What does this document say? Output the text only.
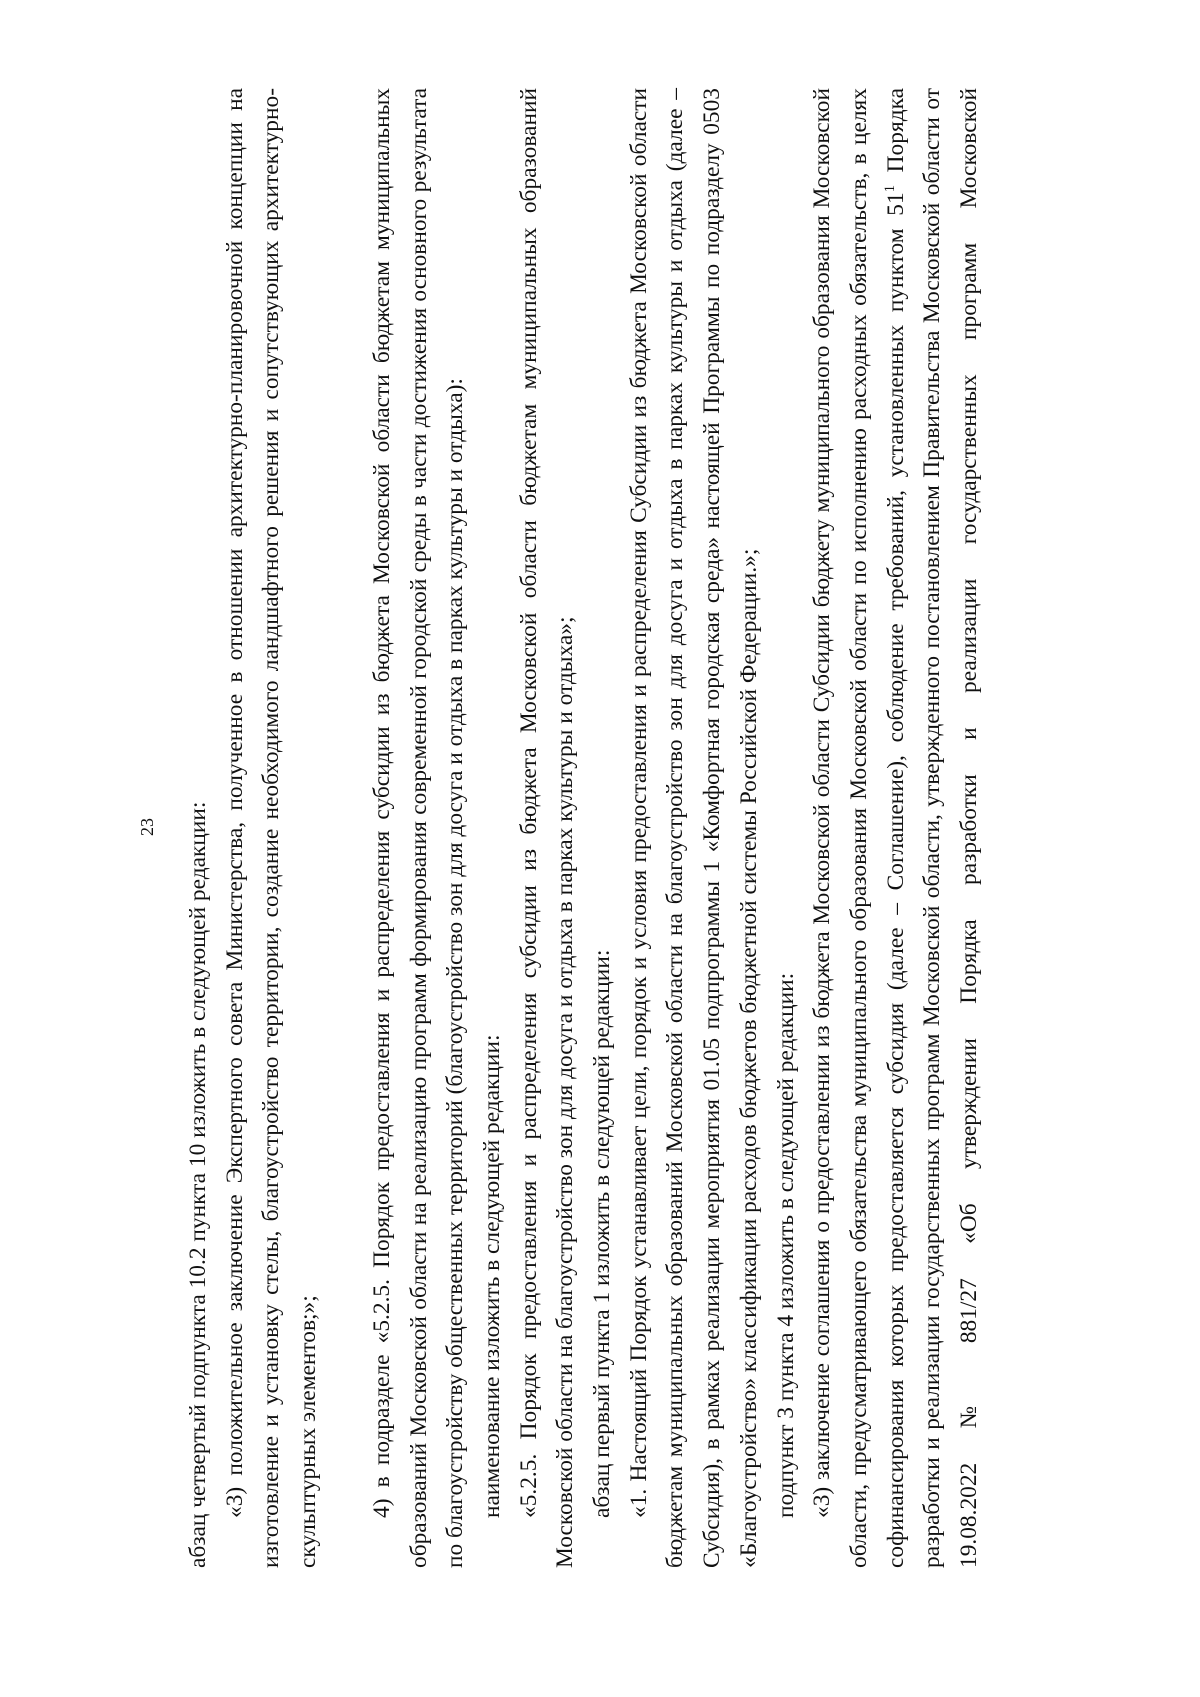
23 абзац четвертый подпункта 10.2 пункта 10 изложить в следующей редакции: «3) положительное заключение Экспертного совета Министерства, полученное в отношении архитектурно-планировочной концепции на изготовление и установку стелы, благоустройство территории, создание необходимого ландшафтного решения и сопутствующих архитектурно-скульптурных элементов;»; 4) в подразделе «5.2.5. Порядок предоставления и распределения субсидии из бюджета Московской области бюджетам муниципальных образований Московской области на реализацию программ формирования современной городской среды в части достижения основного результата по благоустройству общественных территорий (благоустройство зон для досуга и отдыха в парках культуры и отдыха): наименование изложить в следующей редакции: «5.2.5. Порядок предоставления и распределения субсидии из бюджета Московской области бюджетам муниципальных образований Московской области на благоустройство зон для досуга и отдыха в парках культуры и отдыха»; абзац первый пункта 1 изложить в следующей редакции: «1. Настоящий Порядок устанавливает цели, порядок и условия предоставления и распределения Субсидии из бюджета Московской области бюджетам муниципальных образований Московской области на благоустройство зон для досуга и отдыха в парках культуры и отдыха (далее – Субсидия), в рамках реализации мероприятия 01.05 подпрограммы 1 «Комфортная городская среда» настоящей Программы по подразделу 0503 «Благоустройство» классификации расходов бюджетов бюджетной системы Российской Федерации.»; подпункт 3 пункта 4 изложить в следующей редакции: «3) заключение соглашения о предоставлении из бюджета Московской области Субсидии бюджету муниципального образования Московской области, предусматривающего обязательства муниципального образования Московской области по исполнению расходных обязательств, в целях софинансирования которых предоставляется субсидия (далее – Соглашение), соблюдение требований, установленных пунктом $51^1$ Порядка разработки и реализации государственных программ Московской области, утвержденного постановлением Правительства Московской области от 19.08.2022 № 881/27 «Об утверждении Порядка разработки и реализации государственных программ Московской
